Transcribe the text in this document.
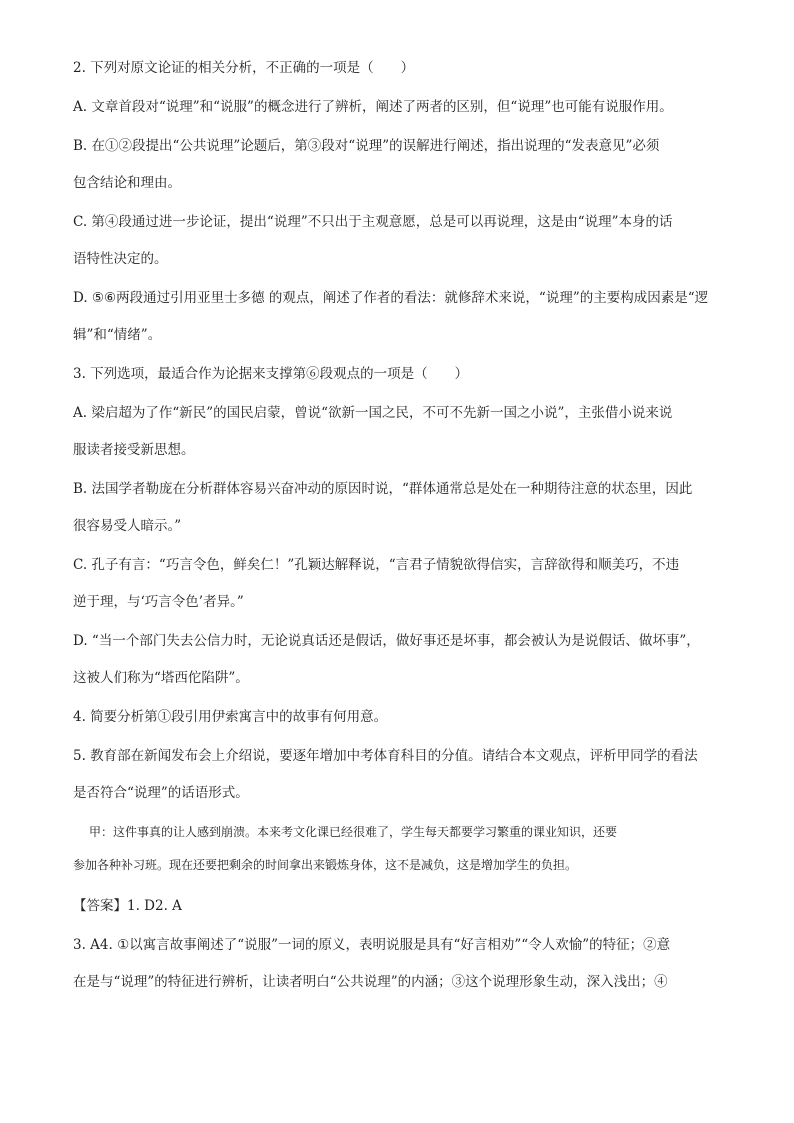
2. 下列对原文论证的相关分析，不正确的一项是（　　）
A. 文章首段对“说理”和“说服”的概念进行了辨析，阐述了两者的区别，但“说理”也可能有说服作用。
B. 在①②段提出“公共说理”论题后，第③段对“说理”的误解进行阐述，指出说理的“发表意见”必须
包含结论和理由。
C. 第④段通过进一步论证，提出“说理”不只出于主观意愿，总是可以再说理，这是由“说理”本身的话
语特性决定的。
D. ⑤⑥两段通过引用亚里士多德 的观点，阐述了作者的看法：就修辞术来说，“说理”的主要构成因素是“逻
辑”和“情绪”。
3. 下列选项，最适合作为论据来支撑第⑥段观点的一项是（　　）
A. 梁启超为了作“新民”的国民启蒙，曾说“欲新一国之民，不可不先新一国之小说”，主张借小说来说
服读者接受新思想。
B. 法国学者勒庞在分析群体容易兴奋冲动的原因时说，“群体通常总是处在一种期待注意的状态里，因此
很容易受人暗示。”
C. 孔子有言：“巧言令色，鲜矣仁！”孔颖达解释说，“言君子情貌欲得信实，言辞欲得和顺美巧，不违
逆于理，与‘巧言令色’者异。”
D. “当一个部门失去公信力时，无论说真话还是假话，做好事还是坏事，都会被认为是说假话、做坏事”，
这被人们称为“塔西佗陷阱”。
4. 简要分析第①段引用伊索寓言中的故事有何用意。
5. 教育部在新闻发布会上介绍说，要逐年增加中考体育科目的分值。请结合本文观点，评析甲同学的看法
是否符合“说理”的话语形式。
甲：这件事真的让人感到崩溃。本来考文化课已经很难了，学生每天都要学习繁重的课业知识，还要
参加各种补习班。现在还要把剩余的时间拿出来锻炼身体，这不是减负，这是增加学生的负担。
【答案】1. D2. A
3. A4. ①以寓言故事阐述了“说服”一词的原义，表明说服是具有“好言相劝”“令人欢愉”的特征；②意
在是与“说理”的特征进行辨析，让读者明白“公共说理”的内涵；③这个说理形象生动，深入浅出；④
